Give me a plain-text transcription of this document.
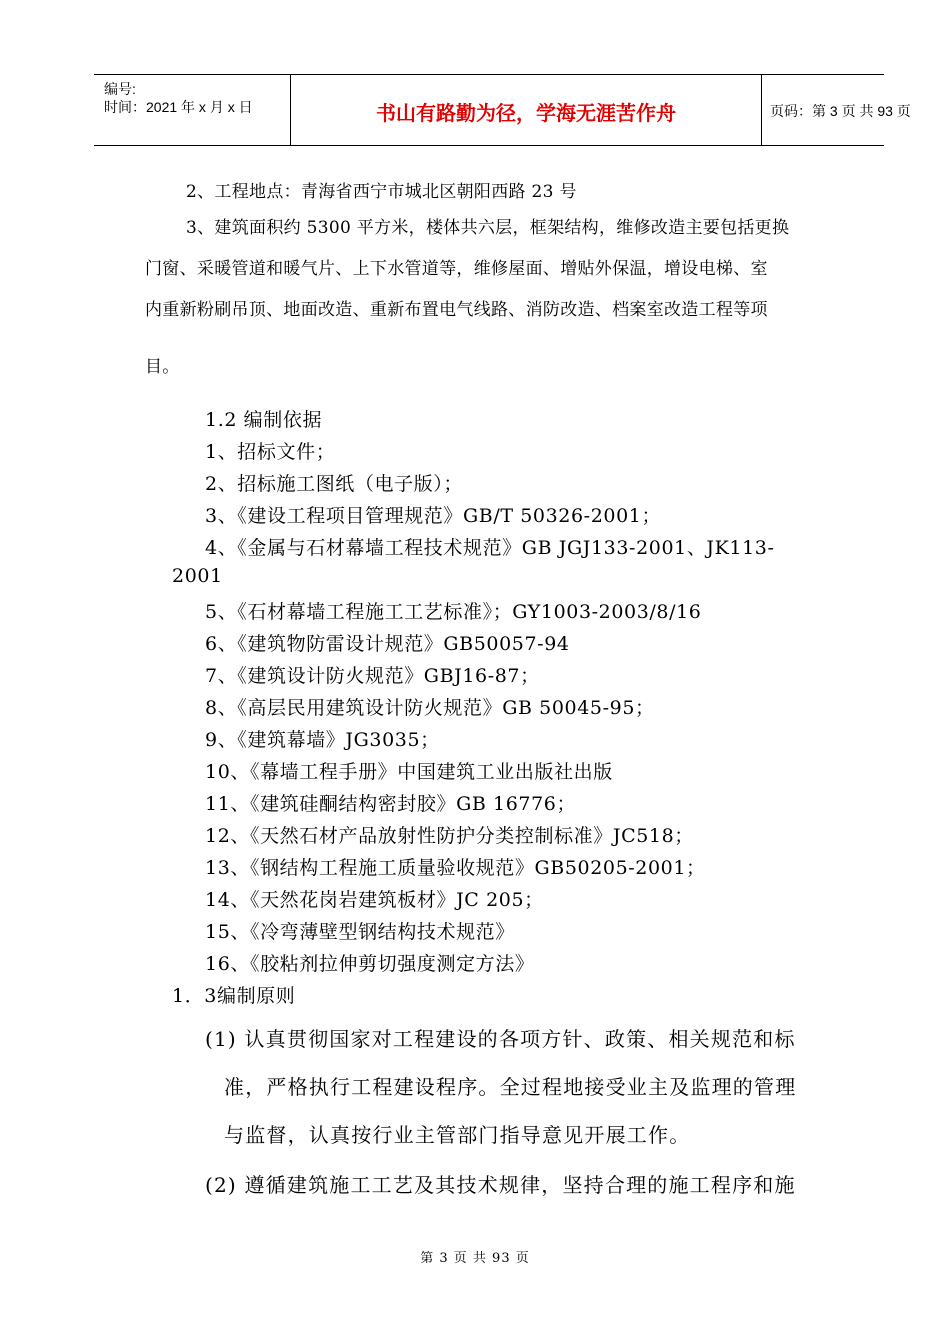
编号:
时间：2021 年 x 月 x 日	书山有路勤为径，学海无涯苦作舟	页码：第 3 页 共 93 页
2、工程地点：青海省西宁市城北区朝阳西路 23 号
3、建筑面积约 5300 平方米，楼体共六层，框架结构，维修改造主要包括更换
门窗、采暖管道和暖气片、上下水管道等，维修屋面、增贴外保温，增设电梯、室
内重新粉刷吊顶、地面改造、重新布置电气线路、消防改造、档案室改造工程等项
目。
1.2 编制依据
1、招标文件；
2、招标施工图纸（电子版）；
3、《建设工程项目管理规范》GB/T 50326-2001；
4、《金属与石材幕墙工程技术规范》GB JGJ133-2001、JK113-
2001
5、《石材幕墙工程施工工艺标准》；GY1003-2003/8/16
6、《建筑物防雷设计规范》GB50057-94
7、《建筑设计防火规范》GBJ16-87；
8、《高层民用建筑设计防火规范》GB 50045-95；
9、《建筑幕墙》JG3035；
10、《幕墙工程手册》中国建筑工业出版社出版
11、《建筑硅酮结构密封胶》GB 16776；
12、《天然石材产品放射性防护分类控制标准》JC518；
13、《钢结构工程施工质量验收规范》GB50205-2001；
14、《天然花岗岩建筑板材》JC 205；
15、《冷弯薄壁型钢结构技术规范》
16、《胶粘剂拉伸剪切强度测定方法》
1．3编制原则
(1) 认真贯彻国家对工程建设的各项方针、政策、相关规范和标
准，严格执行工程建设程序。全过程地接受业主及监理的管理
与监督，认真按行业主管部门指导意见开展工作。
(2) 遵循建筑施工工艺及其技术规律，坚持合理的施工程序和施
第 3 页 共 93 页
